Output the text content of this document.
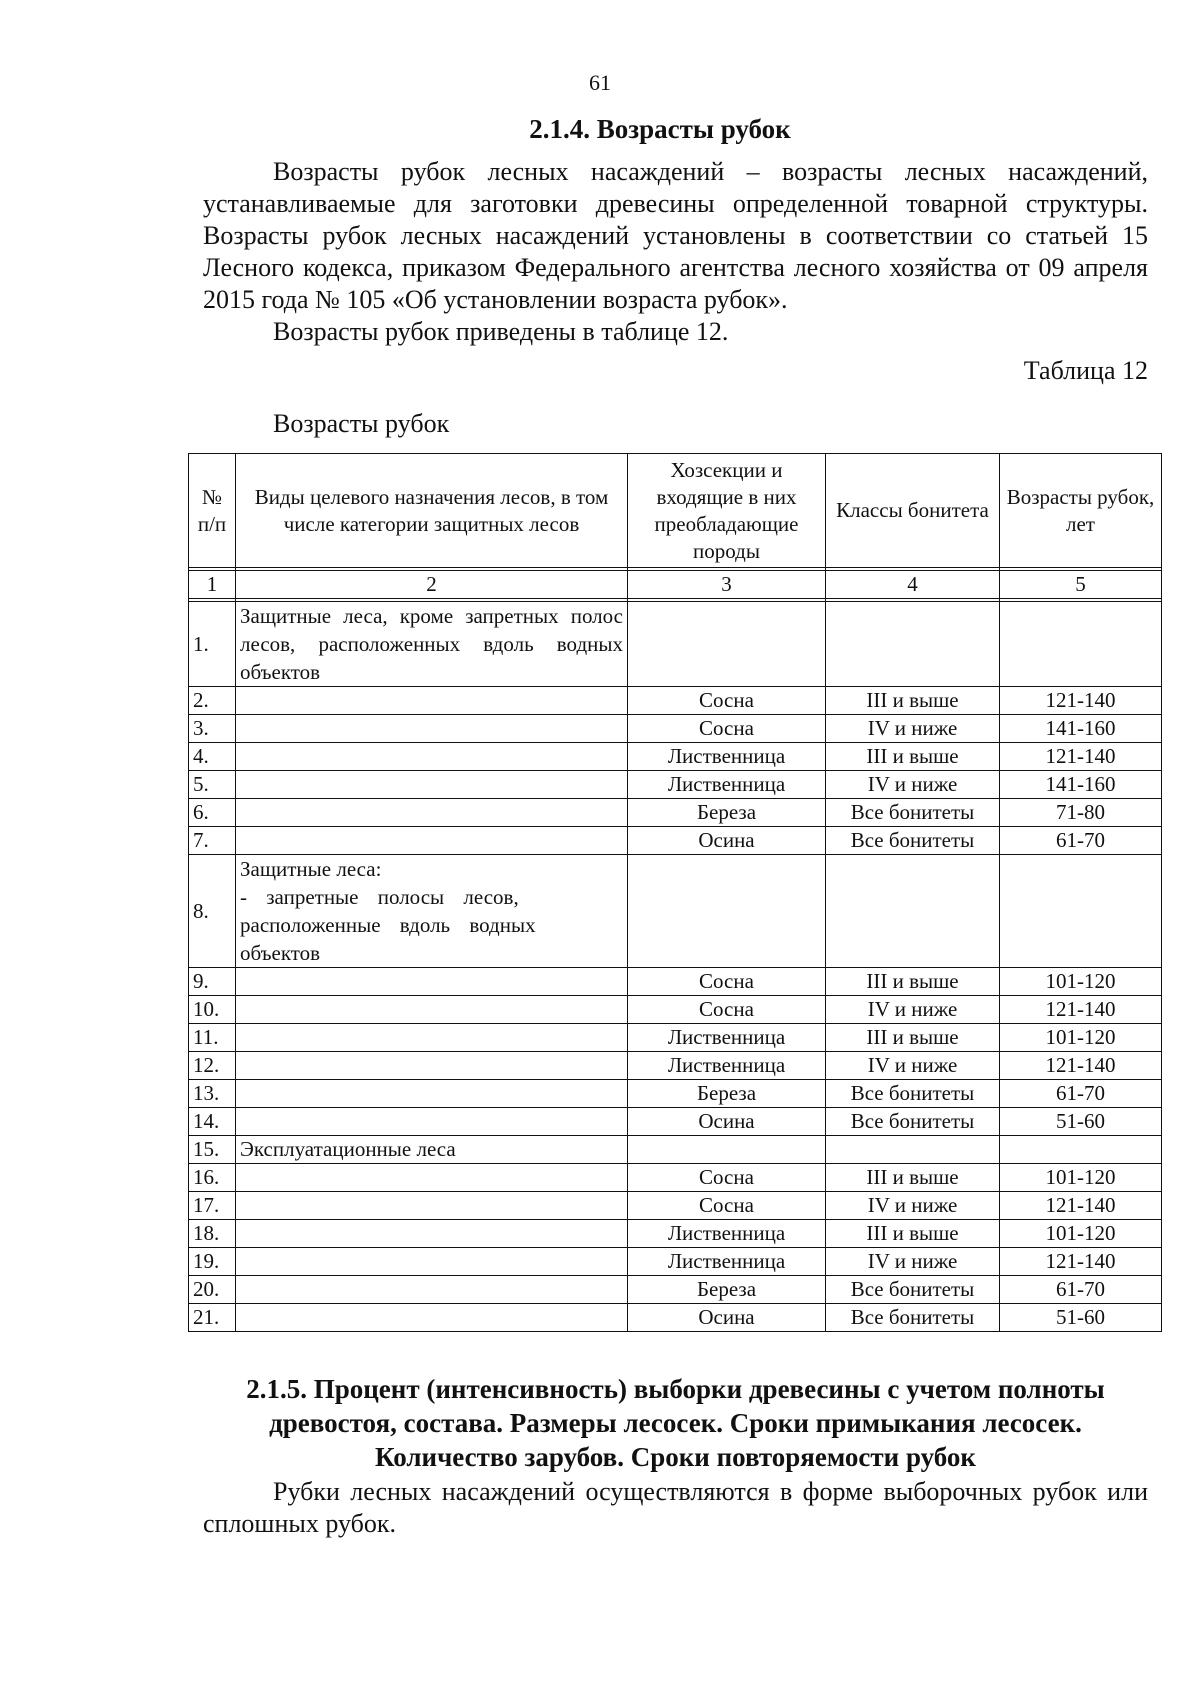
61
2.1.4. Возрасты рубок
Возрасты рубок лесных насаждений – возрасты лесных насаждений, устанавливаемые для заготовки древесины определенной товарной структуры. Возрасты рубок лесных насаждений установлены в соответствии со статьей 15 Лесного кодекса, приказом Федерального агентства лесного хозяйства от 09 апреля 2015 года № 105 «Об установлении возраста рубок».
Возрасты рубок приведены в таблице 12.
Таблица 12
Возрасты рубок
№ п/п	Виды целевого назначения лесов, в том числе категории защитных лесов	Хозсекции и входящие в них преобладающие породы	Классы бонитета	Возрасты рубок, лет

1	2	3	4	5

1.	Защитные леса, кроме запретных полос лесов, расположенных вдоль водных объектов			
2.		Сосна	III и выше	121-140
3.		Сосна	IV и ниже	141-160
4.		Лиственница	III и выше	121-140
5.		Лиственница	IV и ниже	141-160
6.		Береза	Все бонитеты	71-80
7.		Осина	Все бонитеты	61-70
8.	Защитные леса:
- запретные полосы лесов, расположенные вдоль водных объектов			

9.		Сосна	III и выше	101-120
10.		Сосна	IV и ниже	121-140
11.		Лиственница	III и выше	101-120
12.		Лиственница	IV и ниже	121-140
13.		Береза	Все бонитеты	61-70
14.		Осина	Все бонитеты	51-60
15.	Эксплуатационные леса			
16.		Сосна	III и выше	101-120
17.		Сосна	IV и ниже	121-140
18.		Лиственница	III и выше	101-120
19.		Лиственница	IV и ниже	121-140
20.		Береза	Все бонитеты	61-70
21.		Осина	Все бонитеты	51-60
2.1.5. Процент (интенсивность) выборки древесины с учетом полноты древостоя, состава. Размеры лесосек. Сроки примыкания лесосек. Количество зарубов. Сроки повторяемости рубок
Рубки лесных насаждений осуществляются в форме выборочных рубок или сплошных рубок.
